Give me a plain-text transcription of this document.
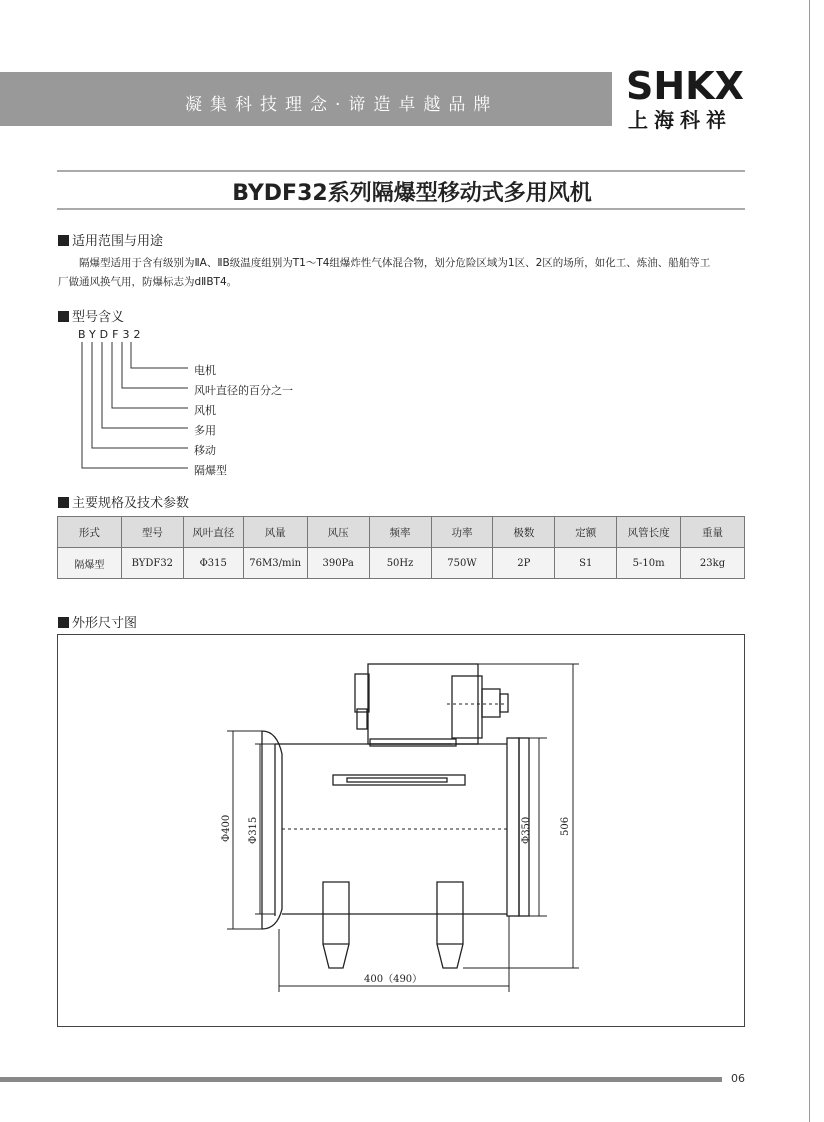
凝集科技理念·谛造卓越品牌	SHKX
上海科祥
BYDF32系列隔爆型移动式多用风机
适用范围与用途
隔爆型适用于含有级别为ⅡA、ⅡB级温度组别为T1～T4组爆炸性气体混合物，划分危险区域为1区、2区的场所，如化工、炼油、船舶等工厂做通风换气用，防爆标志为dⅡBT4。
型号含义
BYDF32
电机
风叶直径的百分之一
风机
多用
移动
隔爆型
主要规格及技术参数
形式	型号	风叶直径	风量	风压	频率	功率	极数	定额	风管长度	重量
隔爆型	BYDF32	Φ315	76M3/min	390Pa	50Hz	750W	2P	S1	5-10m	23kg
外形尺寸图
Φ400 Φ315	Φ350	506
400（490）
06
